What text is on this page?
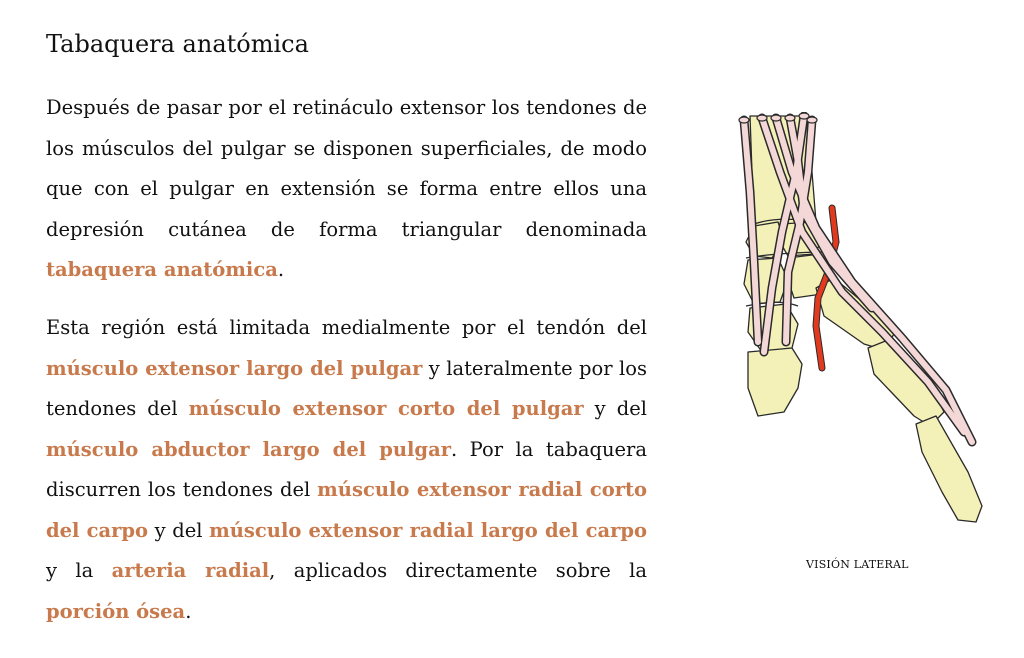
Tabaquera anatómica

Después de pasar por el retináculo extensor los tendones de los músculos del pulgar se disponen superficiales, de modo que con el pulgar en extensión se forma entre ellos una depresión cutánea de forma triangular denominada tabaquera anatómica.

Esta región está limitada medialmente por el tendón del músculo extensor largo del pulgar y lateralmente por los tendones del músculo extensor corto del pulgar y del músculo abductor largo del pulgar. Por la tabaquera discurren los tendones del músculo extensor radial corto del carpo y del músculo extensor radial largo del carpo y la arteria radial, aplicados directamente sobre la porción ósea.

VISIÓN LATERAL
